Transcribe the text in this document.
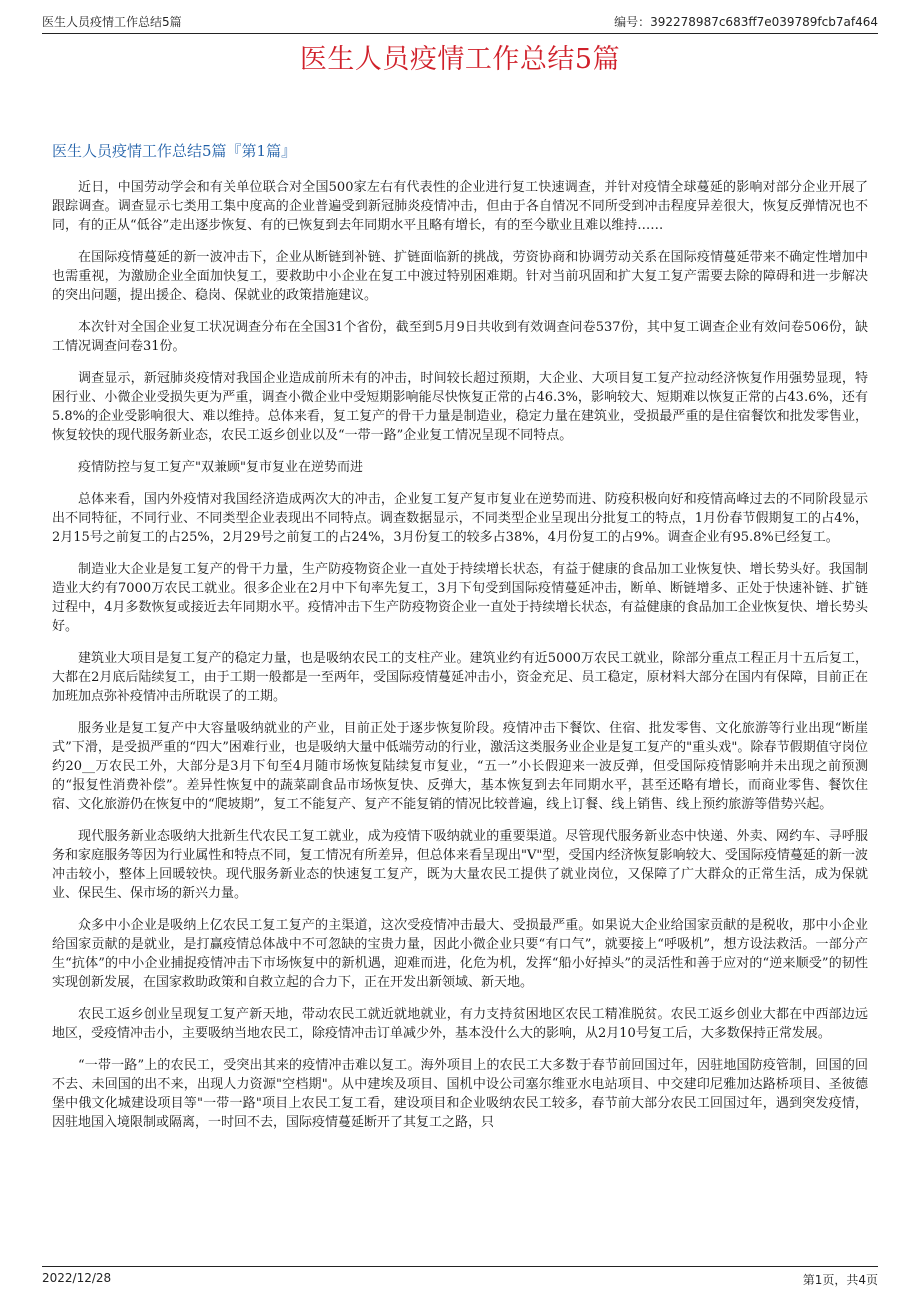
医生人员疫情工作总结5篇	编号：392278987c683ff7e039789fcb7af464
医生人员疫情工作总结5篇
医生人员疫情工作总结5篇『第1篇』

近日，中国劳动学会和有关单位联合对全国500家左右有代表性的企业进行复工快速调查，并针对疫情全球蔓延的影响对部分企业开展了跟踪调查。调查显示七类用工集中度高的企业普遍受到新冠肺炎疫情冲击，但由于各自情况不同所受到冲击程度异差很大，恢复反弹情况也不同，有的正从“低谷”走出逐步恢复、有的已恢复到去年同期水平且略有增长，有的至今歇业且难以维持……

在国际疫情蔓延的新一波冲击下，企业从断链到补链、扩链面临新的挑战，劳资协商和协调劳动关系在国际疫情蔓延带来不确定性增加中也需重视，为激励企业全面加快复工，要救助中小企业在复工中渡过特别困难期。针对当前巩固和扩大复工复产需要去除的障碍和进一步解决的突出问题，提出援企、稳岗、保就业的政策措施建议。

本次针对全国企业复工状况调查分布在全国31个省份，截至到5月9日共收到有效调查问卷537份，其中复工调查企业有效问卷506份，缺工情况调查问卷31份。

调查显示，新冠肺炎疫情对我国企业造成前所未有的冲击，时间较长超过预期，大企业、大项目复工复产拉动经济恢复作用强势显现，特困行业、小微企业受损失更为严重，调查小微企业中受短期影响能尽快恢复正常的占46.3%，影响较大、短期难以恢复正常的占43.6%，还有5.8%的企业受影响很大、难以维持。总体来看，复工复产的骨干力量是制造业，稳定力量在建筑业，受损最严重的是住宿餐饮和批发零售业，恢复较快的现代服务新业态，农民工返乡创业以及“一带一路”企业复工情况呈现不同特点。

疫情防控与复工复产"双兼顾"复市复业在逆势而进

总体来看，国内外疫情对我国经济造成两次大的冲击，企业复工复产复市复业在逆势而进、防疫积极向好和疫情高峰过去的不同阶段显示出不同特征，不同行业、不同类型企业表现出不同特点。调查数据显示，不同类型企业呈现出分批复工的特点，1月份春节假期复工的占4%，2月15号之前复工的占25%，2月29号之前复工的占24%，3月份复工的较多占38%，4月份复工的占9%。调查企业有95.8%已经复工。

制造业大企业是复工复产的骨干力量，生产防疫物资企业一直处于持续增长状态，有益于健康的食品加工业恢复快、增长势头好。我国制造业大约有7000万农民工就业。很多企业在2月中下旬率先复工，3月下旬受到国际疫情蔓延冲击，断单、断链增多、正处于快速补链、扩链过程中，4月多数恢复或接近去年同期水平。疫情冲击下生产防疫物资企业一直处于持续增长状态，有益健康的食品加工企业恢复快、增长势头好。

建筑业大项目是复工复产的稳定力量，也是吸纳农民工的支柱产业。建筑业约有近5000万农民工就业，除部分重点工程正月十五后复工，大都在2月底后陆续复工，由于工期一般都是一至两年，受国际疫情蔓延冲击小，资金充足、员工稳定，原材料大部分在国内有保障，目前正在加班加点弥补疫情冲击所耽误了的工期。

服务业是复工复产中大容量吸纳就业的产业，目前正处于逐步恢复阶段。疫情冲击下餐饮、住宿、批发零售、文化旅游等行业出现“断崖式”下滑，是受损严重的“四大”困难行业，也是吸纳大量中低端劳动的行业，激活这类服务业企业是复工复产的"重头戏"。除春节假期值守岗位约20__万农民工外，大部分是3月下旬至4月随市场恢复陆续复市复业，“五一”小长假迎来一波反弹，但受国际疫情影响并未出现之前预测的“报复性消费补偿”。差异性恢复中的蔬菜副食品市场恢复快、反弹大，基本恢复到去年同期水平，甚至还略有增长，而商业零售、餐饮住宿、文化旅游仍在恢复中的“爬坡期”，复工不能复产、复产不能复销的情况比较普遍，线上订餐、线上销售、线上预约旅游等借势兴起。

现代服务新业态吸纳大批新生代农民工复工就业，成为疫情下吸纳就业的重要渠道。尽管现代服务新业态中快递、外卖、网约车、寻呼服务和家庭服务等因为行业属性和特点不同，复工情况有所差异，但总体来看呈现出"V"型，受国内经济恢复影响较大、受国际疫情蔓延的新一波冲击较小，整体上回暖较快。现代服务新业态的快速复工复产，既为大量农民工提供了就业岗位，又保障了广大群众的正常生活，成为保就业、保民生、保市场的新兴力量。

众多中小企业是吸纳上亿农民工复工复产的主渠道，这次受疫情冲击最大、受损最严重。如果说大企业给国家贡献的是税收，那中小企业给国家贡献的是就业，是打赢疫情总体战中不可忽缺的宝贵力量，因此小微企业只要“有口气”，就要接上“呼吸机”，想方设法救活。一部分产生“抗体”的中小企业捕捉疫情冲击下市场恢复中的新机遇，迎难而进，化危为机，发挥“船小好掉头”的灵活性和善于应对的“逆来顺受”的韧性实现创新发展，在国家救助政策和自救立起的合力下，正在开发出新领域、新天地。

农民工返乡创业呈现复工复产新天地，带动农民工就近就地就业，有力支持贫困地区农民工精准脱贫。农民工返乡创业大都在中西部边远地区，受疫情冲击小，主要吸纳当地农民工，除疫情冲击订单减少外，基本没什么大的影响，从2月10号复工后，大多数保持正常发展。

“一带一路”上的农民工，受突出其来的疫情冲击难以复工。海外项目上的农民工大多数于春节前回国过年，因驻地国防疫管制，回国的回不去、未回国的出不来，出现人力资源"空档期"。从中建埃及项目、国机中设公司塞尔维亚水电站项目、中交建印尼雅加达路桥项目、圣彼德堡中俄文化城建设项目等"一带一路"项目上农民工复工看，建设项目和企业吸纳农民工较多，春节前大部分农民工回国过年，遇到突发疫情，因驻地国入境限制或隔离，一时回不去，国际疫情蔓延断开了其复工之路，只

2022/12/28	第1页，共4页
